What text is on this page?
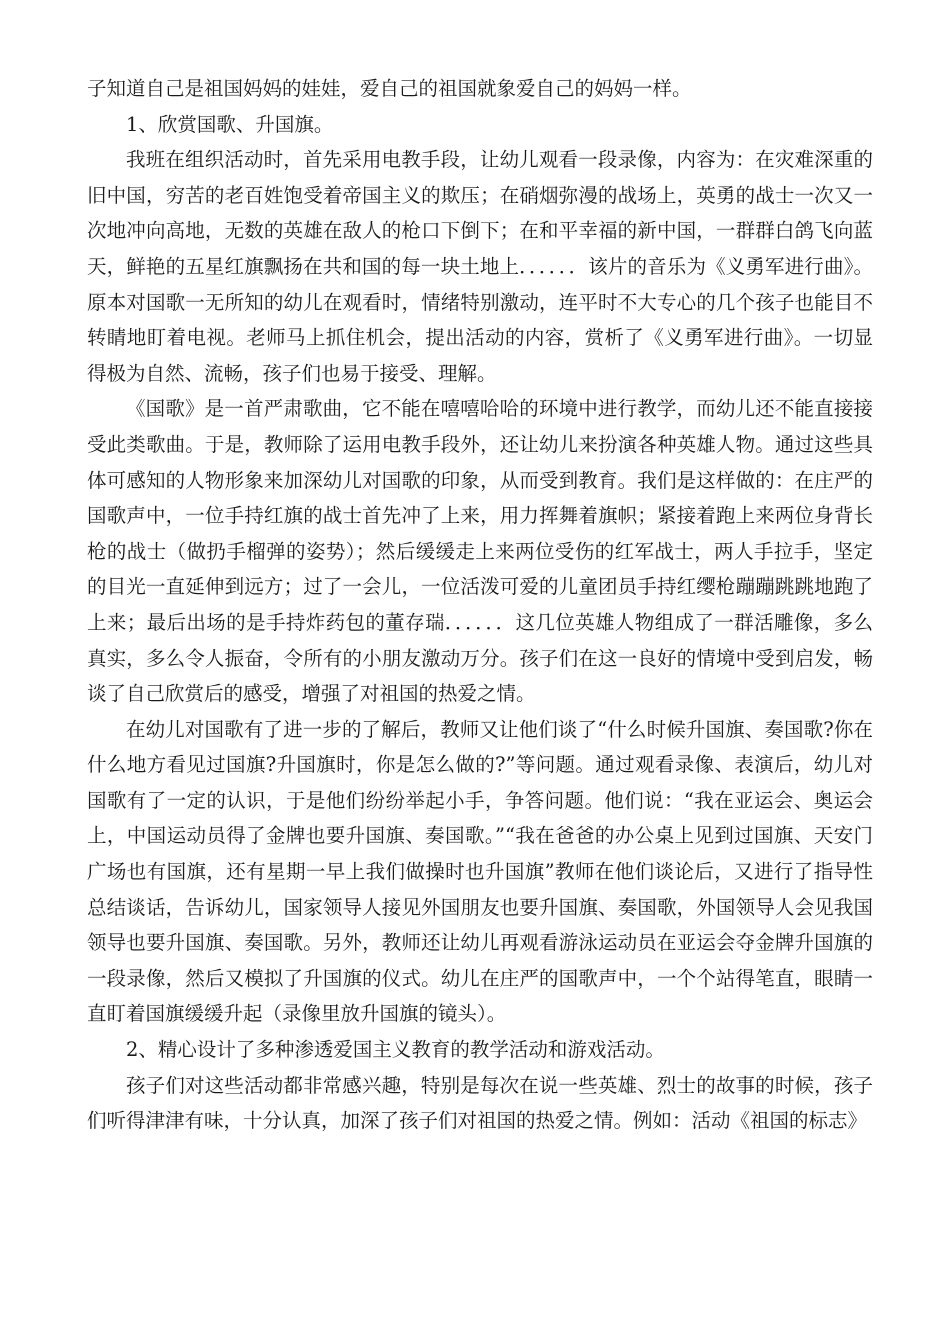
子知道自己是祖国妈妈的娃娃，爱自己的祖国就象爱自己的妈妈一样。

1、欣赏国歌、升国旗。

我班在组织活动时，首先采用电教手段，让幼儿观看一段录像，内容为：在灾难深重的旧中国，穷苦的老百姓饱受着帝国主义的欺压；在硝烟弥漫的战场上，英勇的战士一次又一次地冲向高地，无数的英雄在敌人的枪口下倒下；在和平幸福的新中国，一群群白鸽飞向蓝天，鲜艳的五星红旗飘扬在共和国的每一块土地上．．．．．．该片的音乐为《义勇军进行曲》。原本对国歌一无所知的幼儿在观看时，情绪特别激动，连平时不大专心的几个孩子也能目不转睛地盯着电视。老师马上抓住机会，提出活动的内容，赏析了《义勇军进行曲》。一切显得极为自然、流畅，孩子们也易于接受、理解。

《国歌》是一首严肃歌曲，它不能在嘻嘻哈哈的环境中进行教学，而幼儿还不能直接接受此类歌曲。于是，教师除了运用电教手段外，还让幼儿来扮演各种英雄人物。通过这些具体可感知的人物形象来加深幼儿对国歌的印象，从而受到教育。我们是这样做的：在庄严的国歌声中，一位手持红旗的战士首先冲了上来，用力挥舞着旗帜；紧接着跑上来两位身背长枪的战士（做扔手榴弹的姿势）；然后缓缓走上来两位受伤的红军战士，两人手拉手，坚定的目光一直延伸到远方；过了一会儿，一位活泼可爱的儿童团员手持红缨枪蹦蹦跳跳地跑了上来；最后出场的是手持炸药包的董存瑞．．．．．．这几位英雄人物组成了一群活雕像，多么真实，多么令人振奋，令所有的小朋友激动万分。孩子们在这一良好的情境中受到启发，畅谈了自己欣赏后的感受，增强了对祖国的热爱之情。

在幼儿对国歌有了进一步的了解后，教师又让他们谈了“什么时候升国旗、奏国歌?你在什么地方看见过国旗?升国旗时，你是怎么做的?”等问题。通过观看录像、表演后，幼儿对国歌有了一定的认识，于是他们纷纷举起小手，争答问题。他们说：“我在亚运会、奥运会上，中国运动员得了金牌也要升国旗、奏国歌。”“我在爸爸的办公桌上见到过国旗、天安门广场也有国旗，还有星期一早上我们做操时也升国旗”教师在他们谈论后，又进行了指导性总结谈话，告诉幼儿，国家领导人接见外国朋友也要升国旗、奏国歌，外国领导人会见我国领导也要升国旗、奏国歌。另外，教师还让幼儿再观看游泳运动员在亚运会夺金牌升国旗的一段录像，然后又模拟了升国旗的仪式。幼儿在庄严的国歌声中，一个个站得笔直，眼睛一直盯着国旗缓缓升起（录像里放升国旗的镜头）。

2、精心设计了多种渗透爱国主义教育的教学活动和游戏活动。

孩子们对这些活动都非常感兴趣，特别是每次在说一些英雄、烈士的故事的时候，孩子们听得津津有味，十分认真，加深了孩子们对祖国的热爱之情。例如：活动《祖国的标志》
